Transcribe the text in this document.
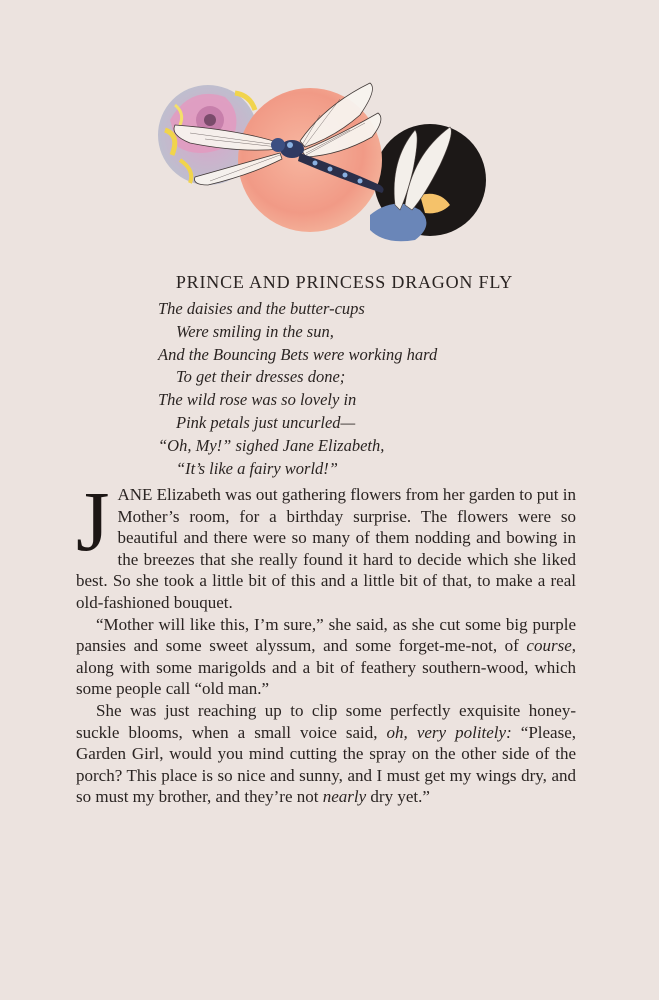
PRINCE AND PRINCESS DRAGON FLY
The daisies and the butter-cups
Were smiling in the sun,
And the Bouncing Bets were working hard
To get their dresses done;
The wild rose was so lovely in
Pink petals just uncurled—
“Oh, My!” sighed Jane Elizabeth,
“It’s like a fairy world!”

JANE Elizabeth was out gathering flowers from her garden to put in Mother’s room, for a birthday surprise. The flowers were so beautiful and there were so many of them nodding and bowing in the breezes that she really found it hard to decide which she liked best. So she took a little bit of this and a little bit of that, to make a real old-fashioned bouquet.

“Mother will like this, I’m sure,” she said, as she cut some big purple pansies and some sweet alyssum, and some forget-me-not, of course, along with some marigolds and a bit of feathery southern-wood, which some people call “old man.”

She was just reaching up to clip some perfectly exquisite honey-suckle blooms, when a small voice said, oh, very politely: “Please, Garden Girl, would you mind cutting the spray on the other side of the porch? This place is so nice and sunny, and I must get my wings dry, and so must my brother, and they’re not nearly dry yet.”
